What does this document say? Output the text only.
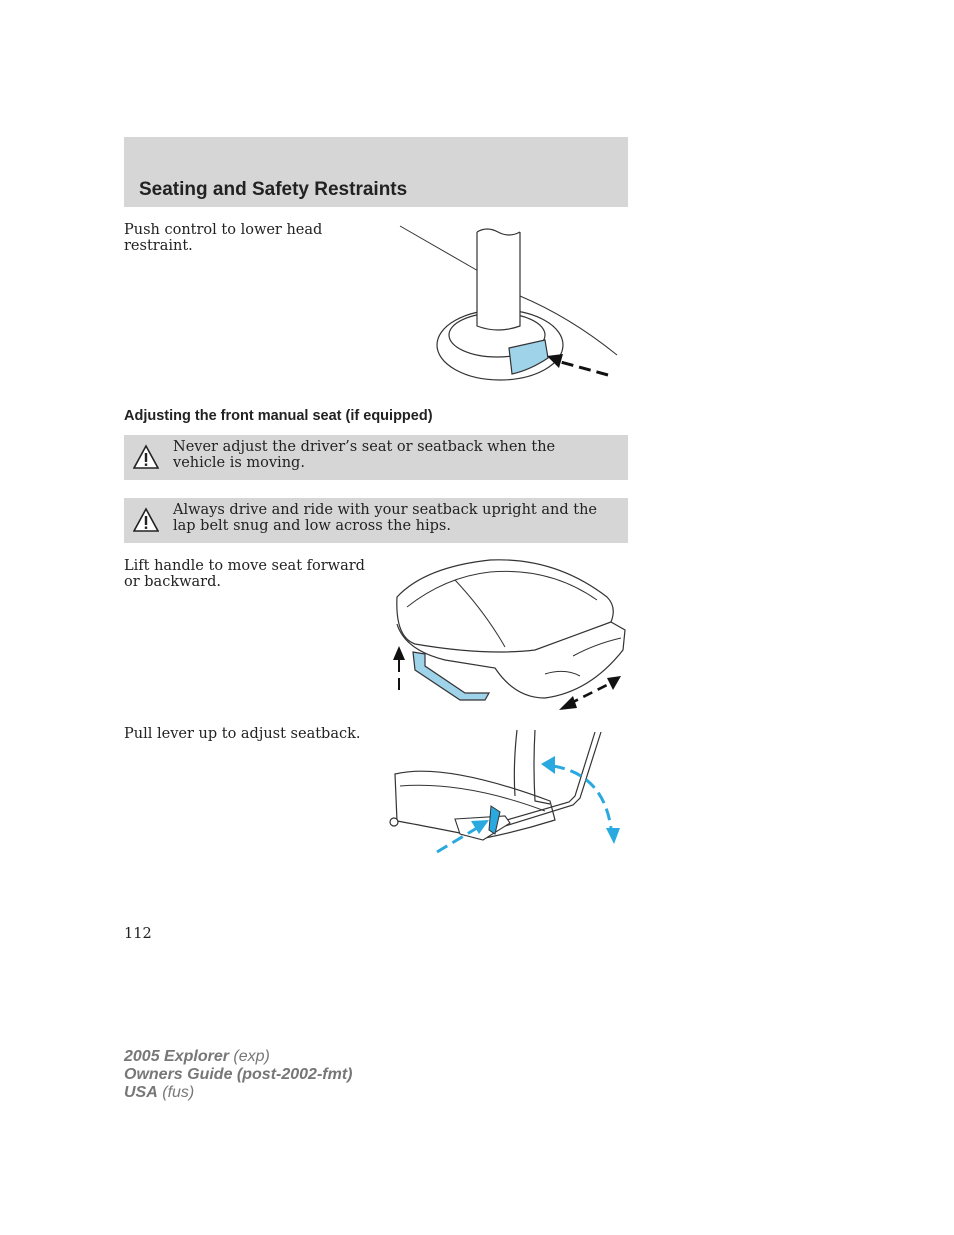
Seating and Safety Restraints
Push control to lower head restraint.
Adjusting the front manual seat (if equipped)
Never adjust the driver’s seat or seatback when the vehicle is moving.
Always drive and ride with your seatback upright and the lap belt snug and low across the hips.
Lift handle to move seat forward or backward.
Pull lever up to adjust seatback.
112
2005 Explorer (exp)
Owners Guide (post-2002-fmt)
USA (fus)
